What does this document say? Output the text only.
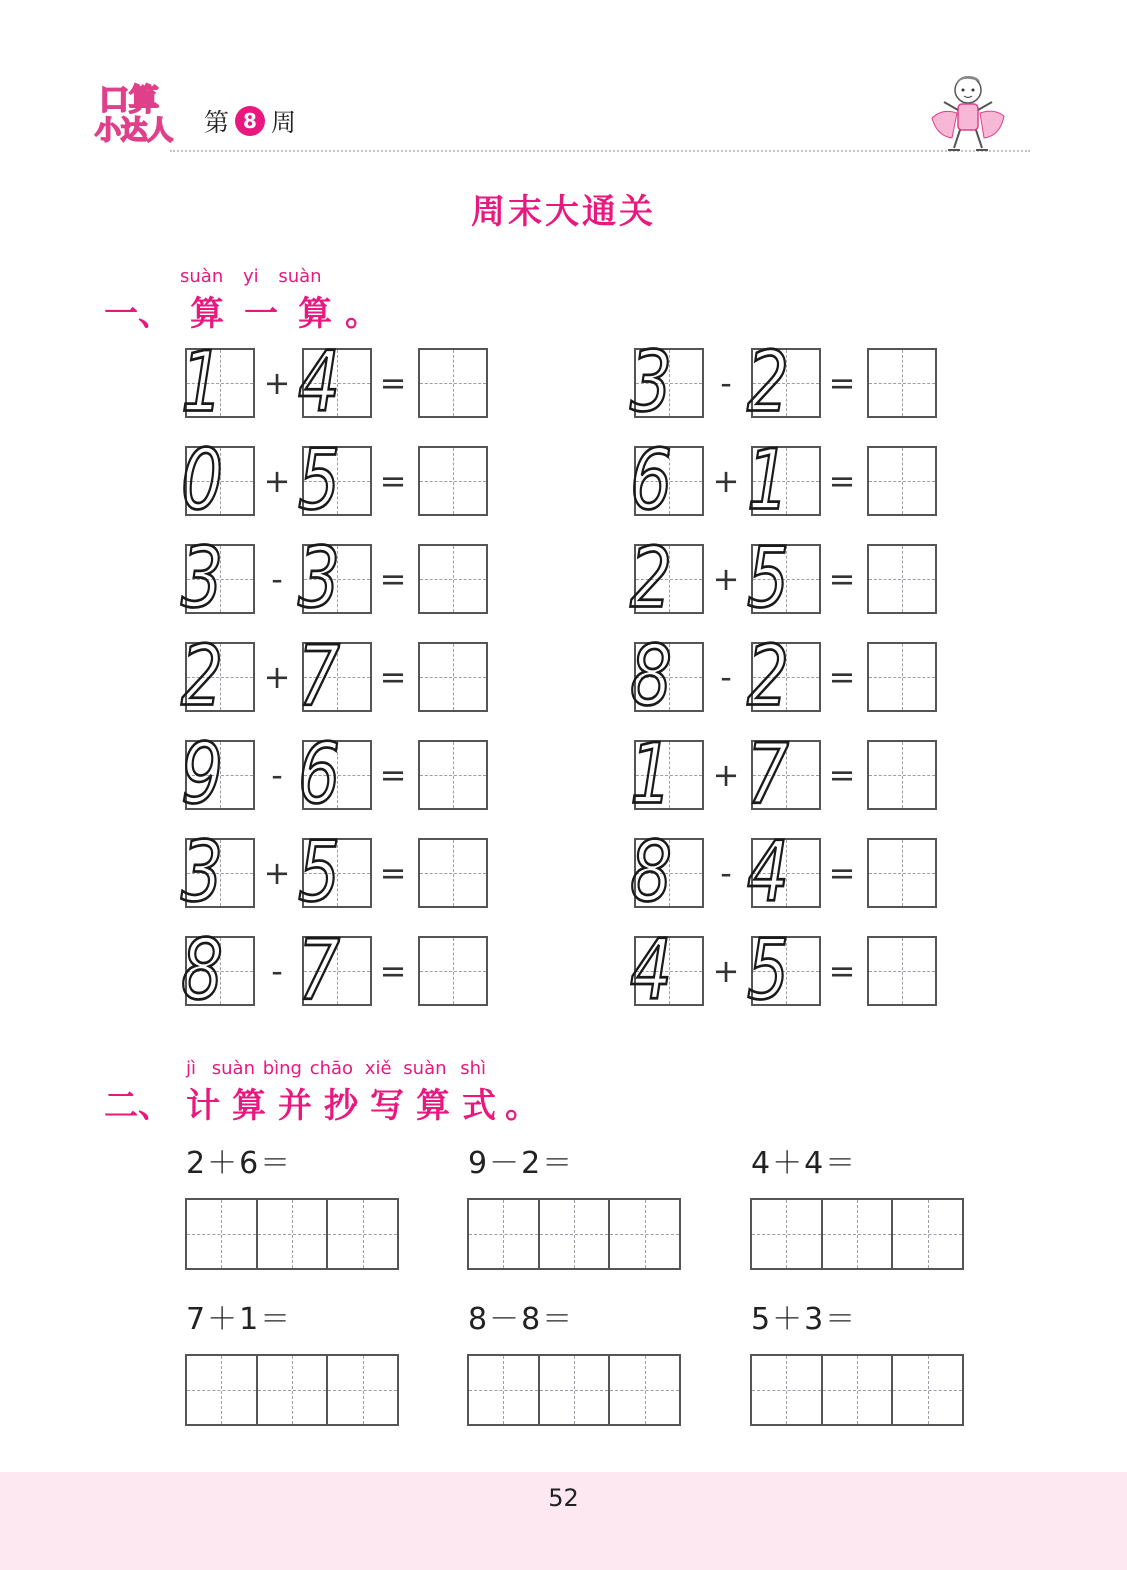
口算
小达人 第 8 周
周末大通关
suàn yi suàn
一、 算 一 算 。
1 + 4 =	3	- 2 =
0 + 5 =	6 + 1 =
3	- 3 =	2 + 5 =
2 + 7 =	8	- 2 =
9	- 6 =	1 + 7 =
3 + 5 =	8	- 4 =
8	- 7 =	4 + 5 =
jì suàn bìng chāo xiě suàn shì
二、 计 算 并 抄 写 算 式 。
2＋6＝	9－2＝	4＋4＝
7＋1＝	8－8＝	5＋3＝
52
